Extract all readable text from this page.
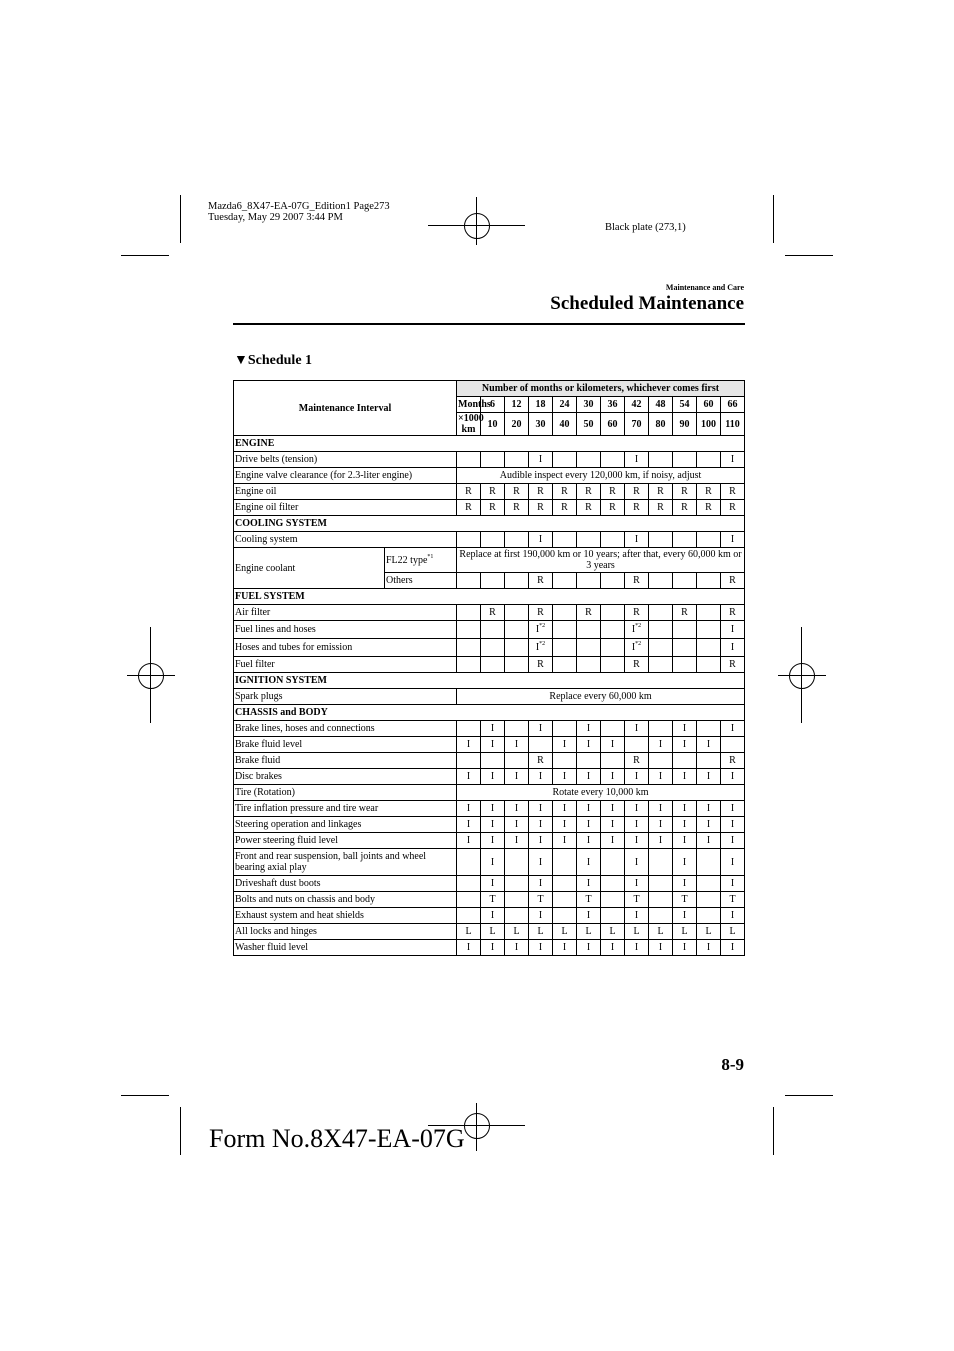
Mazda6_8X47-EA-07G_Edition1 Page273
Tuesday, May 29 2007 3:44 PM
Black plate (273,1)
Maintenance and Care
Scheduled Maintenance
▼Schedule 1
Maintenance Interval		Number of months or kilometers, whichever comes first												
		Months	6	12	18	24	30	36	42	48	54	60	66	
		×1000 km	10	20	30	40	50	60	70	80	90	100	110	
ENGINE														
Drive belts (tension)					I				I				I	
Engine valve clearance (for 2.3-liter engine)		Audible inspect every 120,000 km, if noisy, adjust												
Engine oil		R	R	R	R	R	R	R	R	R	R	R	R	
Engine oil filter		R	R	R	R	R	R	R	R	R	R	R	R	
COOLING SYSTEM														
Cooling system					I				I				I	
Engine coolant	FL22 type$^{*1}$	Replace at first 190,000 km or 10 years; after that, every 60,000 km or 3 years												
	Others				R				R				R	
FUEL SYSTEM														
Air filter			R		R		R		R		R		R	
Fuel lines and hoses					$I^{*2}$				$I^{*2}$				I	
Hoses and tubes for emission					$I^{*2}$				$I^{*2}$				I	
Fuel filter					R				R				R	
IGNITION SYSTEM														
Spark plugs		Replace every 60,000 km												
CHASSIS and BODY														
Brake lines, hoses and connections			I		I		I		I		I		I	
Brake fluid level		I	I	I		I	I	I		I	I	I		
Brake fluid					R				R				R	
Disc brakes		I	I	I	I	I	I	I	I	I	I	I	I	
Tire (Rotation)		Rotate every 10,000 km												
Tire inflation pressure and tire wear		I	I	I	I	I	I	I	I	I	I	I	I	
Steering operation and linkages		I	I	I	I	I	I	I	I	I	I	I	I	
Power steering fluid level		I	I	I	I	I	I	I	I	I	I	I	I	
Front and rear suspension, ball joints and wheel bearing axial play			I		I		I		I		I		I	
Driveshaft dust boots			I		I		I		I		I		I	
Bolts and nuts on chassis and body			T		T		T		T		T		T	
Exhaust system and heat shields			I		I		I		I		I		I	
All locks and hinges		L	L	L	L	L	L	L	L	L	L	L	L	
Washer fluid level		I	I	I	I	I	I	I	I	I	I	I	I	
8-9
Form No.8X47-EA-07G
